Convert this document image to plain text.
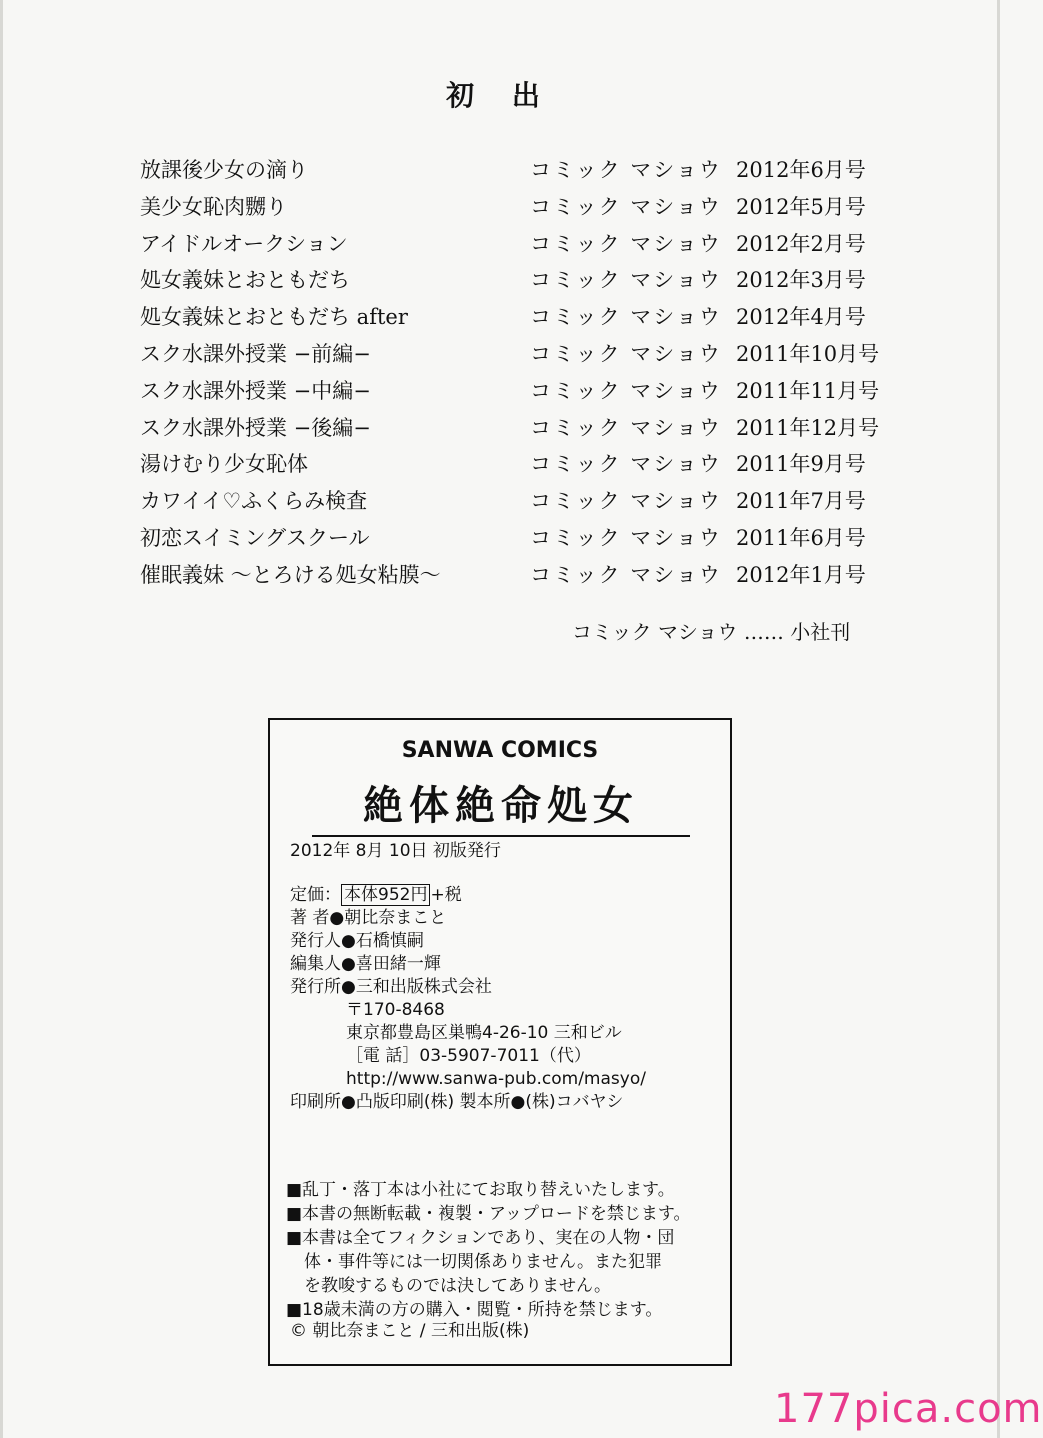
初 出
放課後少女の滴り	コミック マショウ 2012年6月号
美少女恥肉嬲り	コミック マショウ 2012年5月号
アイドルオークション	コミック マショウ 2012年2月号
処女義妹とおともだち	コミック マショウ 2012年3月号
処女義妹とおともだち after	コミック マショウ 2012年4月号
スク水課外授業 −前編−	コミック マショウ 2011年10月号
スク水課外授業 −中編−	コミック マショウ 2011年11月号
スク水課外授業 −後編−	コミック マショウ 2011年12月号
湯けむり少女恥体	コミック マショウ 2011年9月号
カワイイ♡ふくらみ検査	コミック マショウ 2011年7月号
初恋スイミングスクール	コミック マショウ 2011年6月号
催眠義妹 〜とろける処女粘膜〜	コミック マショウ 2012年1月号
コミック マショウ …… 小社刊
SANWA COMICS
絶体絶命処女
2012年 8月 10日 初版発行
定価： 本体952円 +税
著 者●朝比奈まこと
発行人●石橋慎嗣
編集人●喜田緒一輝
発行所●三和出版株式会社
〒170-8468
東京都豊島区巣鴨4-26-10 三和ビル
［電 話］03-5907-7011（代）
http://www.sanwa-pub.com/masyo/
印刷所●凸版印刷(株) 製本所●(株)コバヤシ
■乱丁・落丁本は小社にてお取り替えいたします。
■本書の無断転載・複製・アップロードを禁じます。
■本書は全てフィクションであり、実在の人物・団
体・事件等には一切関係ありません。また犯罪
を教唆するものでは決してありません。
■18歳未満の方の購入・閲覧・所持を禁じます。
© 朝比奈まこと / 三和出版(株)
177pica.com
